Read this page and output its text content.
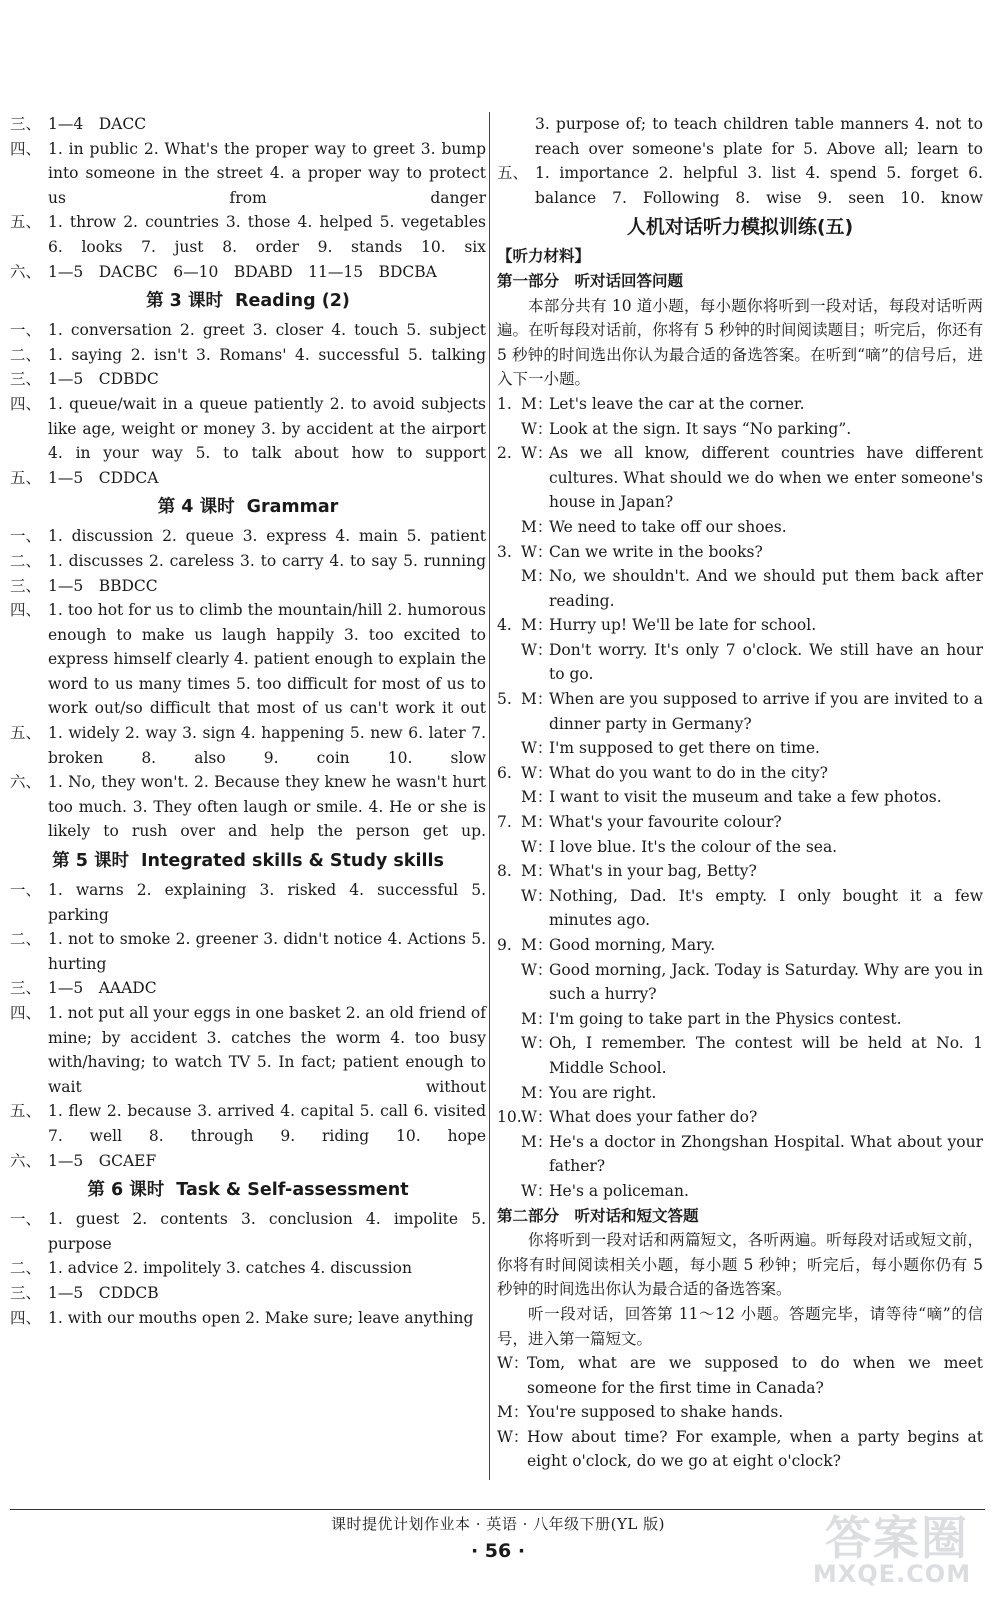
三、 1—4　DACC
四、 1. in public 2. What's the proper way to greet 3. bump into someone in the street 4. a proper way to protect us from danger
五、 1. throw 2. countries 3. those 4. helped 5. vegetables 6. looks 7. just 8. order 9. stands 10. six
六、 1—5　DACBC　6—10　BDABD　11—15　BDCBA
第 3 课时 Reading (2)
一、 1. conversation 2. greet 3. closer 4. touch 5. subject
二、 1. saying 2. isn't 3. Romans' 4. successful 5. talking
三、 1—5　CDBDC
四、 1. queue/wait in a queue patiently 2. to avoid subjects like age, weight or money 3. by accident at the airport 4. in your way 5. to talk about how to support
五、 1—5　CDDCA
第 4 课时 Grammar
一、 1. discussion 2. queue 3. express 4. main 5. patient
二、 1. discusses 2. careless 3. to carry 4. to say 5. running
三、 1—5　BBDCC
四、 1. too hot for us to climb the mountain/hill 2. humorous enough to make us laugh happily 3. too excited to express himself clearly 4. patient enough to explain the word to us many times 5. too difficult for most of us to work out/so difficult that most of us can't work it out
五、 1. widely 2. way 3. sign 4. happening 5. new 6. later 7. broken 8. also 9. coin 10. slow
六、 1. No, they won't. 2. Because they knew he wasn't hurt too much. 3. They often laugh or smile. 4. He or she is likely to rush over and help the person get up.
第 5 课时 Integrated skills & Study skills
一、 1. warns 2. explaining 3. risked 4. successful 5. parking
二、 1. not to smoke 2. greener 3. didn't notice 4. Actions 5. hurting
三、 1—5　AAADC
四、 1. not put all your eggs in one basket 2. an old friend of mine; by accident 3. catches the worm 4. too busy with/having; to watch TV 5. In fact; patient enough to wait without
五、 1. flew 2. because 3. arrived 4. capital 5. call 6. visited 7. well 8. through 9. riding 10. hope
六、 1—5　GCAEF
第 6 课时 Task & Self-assessment
一、 1. guest 2. contents 3. conclusion 4. impolite 5. purpose
二、 1. advice 2. impolitely 3. catches 4. discussion
三、 1—5　CDDCB
四、 1. with our mouths open 2. Make sure; leave anything
3. purpose of; to teach children table manners 4. not to reach over someone's plate for 5. Above all; learn to
五、 1. importance 2. helpful 3. list 4. spend 5. forget 6. balance 7. Following 8. wise 9. seen 10. know
人机对话听力模拟训练(五)
【听力材料】
第一部分　听对话回答问题
本部分共有 10 道小题，每小题你将听到一段对话，每段对话听两遍。在听每段对话前，你将有 5 秒钟的时间阅读题目；听完后，你还有 5 秒钟的时间选出你认为最合适的备选答案。在听到“嘀”的信号后，进入下一小题。
1. M：
Let's leave the car at the corner.
W：
Look at the sign. It says “No parking”.
2. W：
As we all know, different countries have different cultures. What should we do when we enter someone's house in Japan?
M：
We need to take off our shoes.
3. W：
Can we write in the books?
M：
No, we shouldn't. And we should put them back after reading.
4. M：
Hurry up! We'll be late for school.
W：
Don't worry. It's only 7 o'clock. We still have an hour to go.
5. M：
When are you supposed to arrive if you are invited to a dinner party in Germany?
W：
I'm supposed to get there on time.
6. W：
What do you want to do in the city?
M：
I want to visit the museum and take a few photos.
7. M：
What's your favourite colour?
W：
I love blue. It's the colour of the sea.
8. M：
What's in your bag, Betty?
W：
Nothing, Dad. It's empty. I only bought it a few minutes ago.
9. M：
Good morning, Mary.
W：
Good morning, Jack. Today is Saturday. Why are you in such a hurry?
M：
I'm going to take part in the Physics contest.
W：
Oh, I remember. The contest will be held at No. 1 Middle School.
M：
You are right.
10. W：
What does your father do?
M：
He's a doctor in Zhongshan Hospital. What about your father?
W：
He's a policeman.
第二部分　听对话和短文答题
你将听到一段对话和两篇短文，各听两遍。听每段对话或短文前，你将有时间阅读相关小题，每小题 5 秒钟；听完后，每小题你仍有 5 秒钟的时间选出你认为最合适的备选答案。
听一段对话，回答第 11～12 小题。答题完毕，请等待“嘀”的信号，进入第一篇短文。
W：
Tom, what are we supposed to do when we meet someone for the first time in Canada?
M：
You're supposed to shake hands.
W：
How about time? For example, when a party begins at eight o'clock, do we go at eight o'clock?
课时提优计划作业本 · 英语 · 八年级下册(YL 版)
· 56 ·	答案圈
MXQE.COM
